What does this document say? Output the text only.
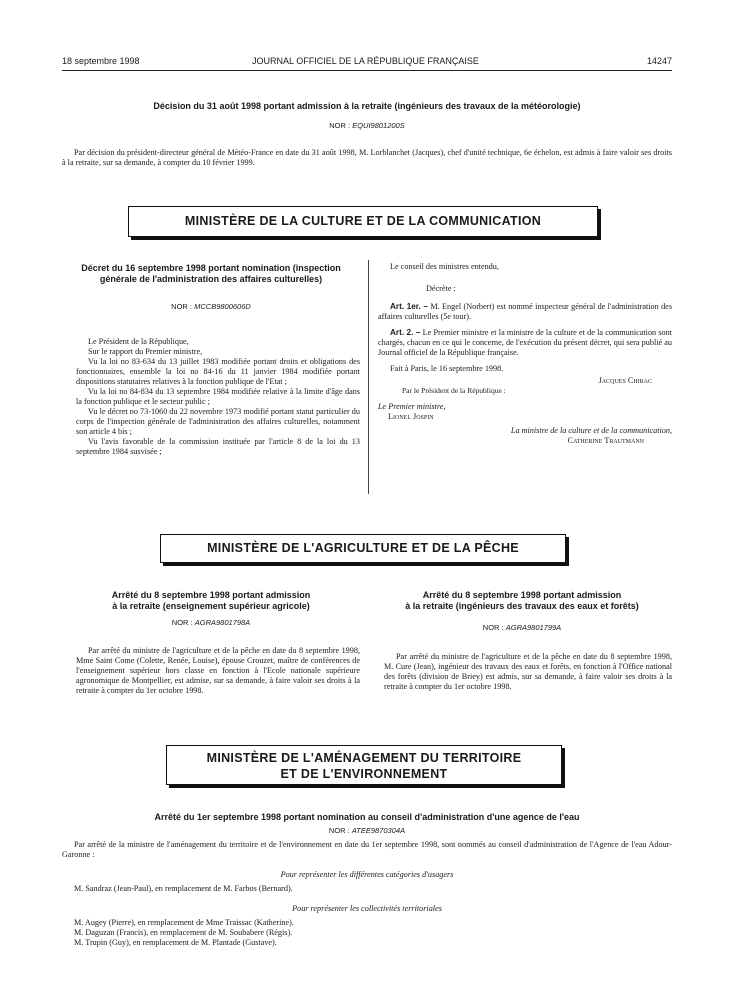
18 septembre 1998	JOURNAL OFFICIEL DE LA RÉPUBLIQUE FRANÇAISE	14247
Décision du 31 août 1998 portant admission à la retraite (ingénieurs des travaux de la météorologie)
NOR : EQUI9801200S

Par décision du président-directeur général de Météo-France en date du 31 août 1998, M. Lorblanchet (Jacques), chef d'unité technique, 6e échelon, est admis à faire valoir ses droits à la retraite, sur sa demande, à compter du 10 février 1999.

MINISTÈRE DE LA CULTURE ET DE LA COMMUNICATION
Décret du 16 septembre 1998 portant nomination (inspection générale de l'administration des affaires culturelles)
NOR : MCCB9800606D

Le Président de la République,

Sur le rapport du Premier ministre,

Vu la loi no 83-634 du 13 juillet 1983 modifiée portant droits et obligations des fonctionnaires, ensemble la loi no 84-16 du 11 janvier 1984 modifiée portant dispositions statutaires relatives à la fonction publique de l'Etat ;

Vu la loi no 84-834 du 13 septembre 1984 modifiée relative à la limite d'âge dans la fonction publique et le secteur public ;

Vu le décret no 73-1060 du 22 novembre 1973 modifié portant statut particulier du corps de l'inspection générale de l'administration des affaires culturelles, notamment son article 4 bis ;

Vu l'avis favorable de la commission instituée par l'article 8 de la loi du 13 septembre 1984 susvisée ;

Le conseil des ministres entendu,

Décrète :

Art. 1er. – M. Engel (Norbert) est nommé inspecteur général de l'administration des affaires culturelles (5e tour).

Art. 2. – Le Premier ministre et la ministre de la culture et de la communication sont chargés, chacun en ce qui le concerne, de l'exécution du présent décret, qui sera publié au Journal officiel de la République française.

Fait à Paris, le 16 septembre 1998.

Jacques Chirac

Par le Président de la République :

Le Premier ministre,

Lionel Jospin

La ministre de la culture et de la communication,

Catherine Trautmann

MINISTÈRE DE L'AGRICULTURE ET DE LA PÊCHE
Arrêté du 8 septembre 1998 portant admission
à la retraite (enseignement supérieur agricole)
NOR : AGRA9801798A

Par arrêté du ministre de l'agriculture et de la pêche en date du 8 septembre 1998, Mme Saint Come (Colette, Renée, Louise), épouse Crouzet, maître de conférences de l'enseignement supérieur hors classe en fonction à l'Ecole nationale supérieure agronomique de Montpellier, est admise, sur sa demande, à faire valoir ses droits à la retraite à compter du 1er octobre 1998.

Arrêté du 8 septembre 1998 portant admission
à la retraite (ingénieurs des travaux des eaux et forêts)
NOR : AGRA9801799A

Par arrêté du ministre de l'agriculture et de la pêche en date du 8 septembre 1998, M. Cure (Jean), ingénieur des travaux des eaux et forêts, en fonction à l'Office national des forêts (division de Briey) est admis, sur sa demande, à faire valoir ses droits à la retraite à compter du 1er octobre 1998.

MINISTÈRE DE L'AMÉNAGEMENT DU TERRITOIRE
ET DE L'ENVIRONNEMENT
Arrêté du 1er septembre 1998 portant nomination au conseil d'administration d'une agence de l'eau
NOR : ATEE9870304A

Par arrêté de la ministre de l'aménagement du territoire et de l'environnement en date du 1er septembre 1998, sont nommés au conseil d'administration de l'Agence de l'eau Adour-Garonne :

Pour représenter les différentes catégories d'usagers

M. Sandraz (Jean-Paul), en remplacement de M. Farbos (Bernard).

Pour représenter les collectivités territoriales

M. Augey (Pierre), en remplacement de Mme Traissac (Katherine).

M. Daguzan (Francis), en remplacement de M. Soubabere (Régis).

M. Trupin (Guy), en remplacement de M. Plantade (Gustave).
